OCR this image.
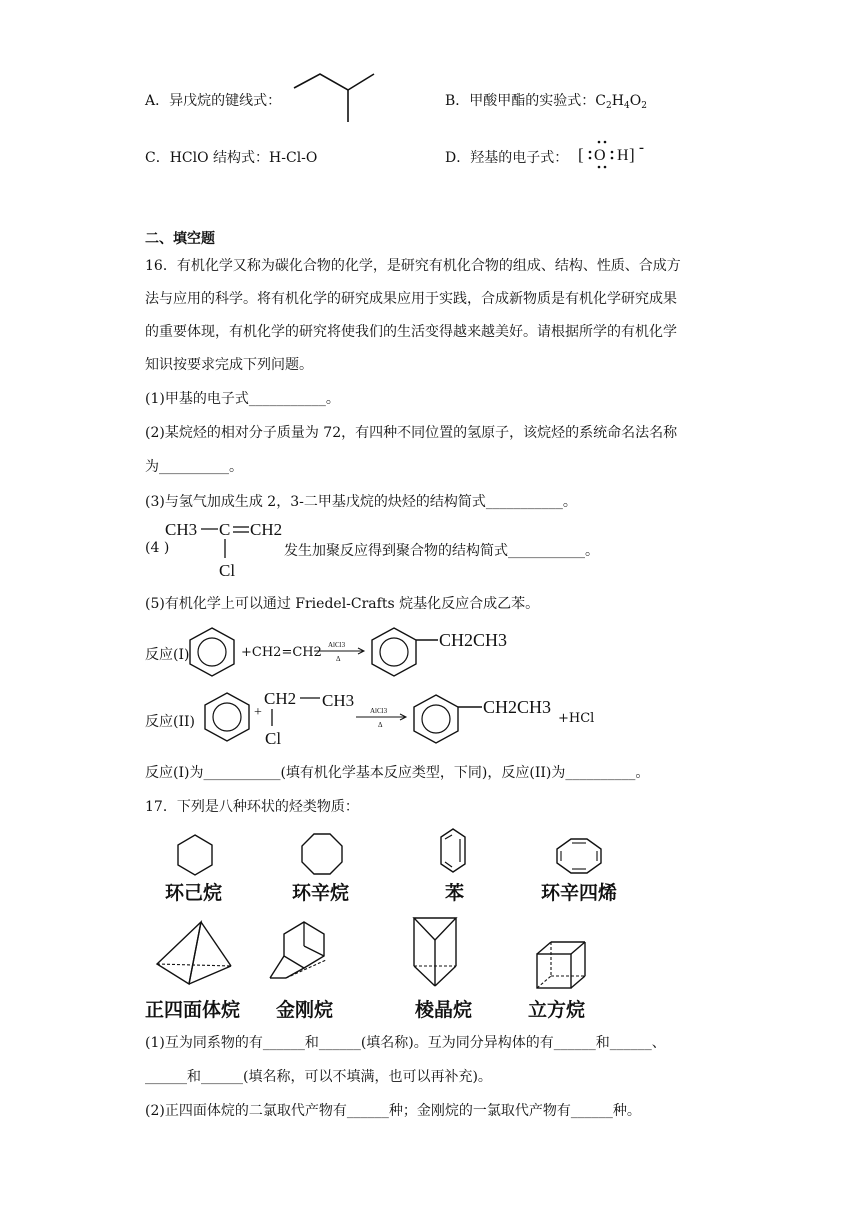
A．异戊烷的键线式：	B．甲酸甲酯的实验式：$C_2H_4O_2$
C．HClO 结构式：H-Cl-O	D．羟基的电子式： [ O H ] -
二、填空题
16．有机化学又称为碳化合物的化学，是研究有机化合物的组成、结构、性质、合成方
法与应用的科学。将有机化学的研究成果应用于实践，合成新物质是有机化学研究成果
的重要体现，有机化学的研究将使我们的生活变得越来越美好。请根据所学的有机化学
知识按要求完成下列问题。
(1)甲基的电子式___________。
(2)某烷烃的相对分子质量为 72，有四种不同位置的氢原子，该烷烃的系统命名法名称
为__________。
(3)与氢气加成生成 2，3-二甲基戊烷的炔烃的结构简式___________。
(4 )
CH3 C CH2
Cl
发生加聚反应得到聚合物的结构简式___________。
(5)有机化学上可以通过 Friedel-Crafts 烷基化反应合成乙苯。
反应(I)	+CH2=CH2 AlCl3
Δ
CH2CH3
反应(II)
+
CH2 CH3
Cl
AlCl3
Δ
CH2CH3
+HCl
反应(I)为___________(填有机化学基本反应类型，下同)，反应(II)为__________。
17．下列是八种环状的烃类物质：
环己烷	环辛烷	苯	环辛四烯
正四面体烷 金刚烷	棱晶烷	立方烷
(1)互为同系物的有______和______(填名称)。互为同分异构体的有______和______、
______和______(填名称，可以不填满，也可以再补充)。
(2)正四面体烷的二氯取代产物有______种；金刚烷的一氯取代产物有______种。
